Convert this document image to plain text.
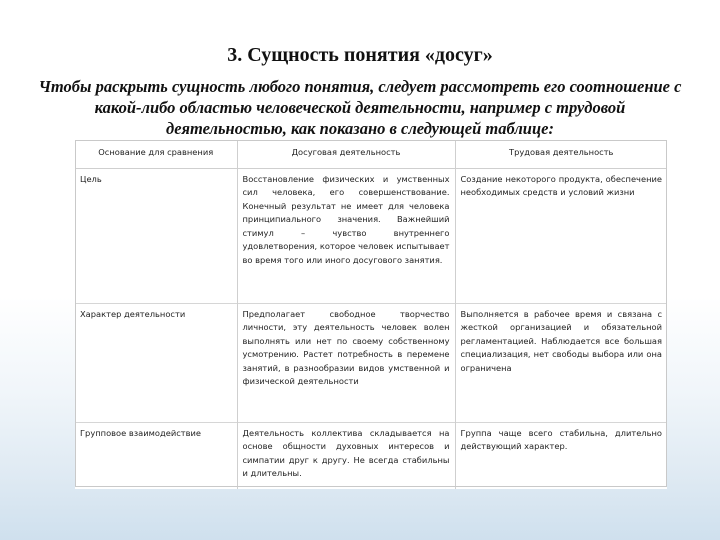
3. Сущность понятия «досуг»

Чтобы раскрыть сущность любого понятия, следует рассмотреть его соотношение с какой-либо областью человеческой деятельности, например с трудовой деятельностью, как показано в следующей таблице:

Основание для сравнения	Досуговая деятельность	Трудовая деятельность
Цель	Восстановление физических и умственных сил человека, его совершенствование. Конечный результат не имеет для человека принципиального значения. Важнейший стимул – чувство внутреннего удовлетворения, которое человек испытывает во время того или иного досугового занятия.	Создание некоторого продукта, обеспечение необходимых средств и условий жизни
Характер деятельности	Предполагает свободное творчество личности, эту деятельность человек волен выполнять или нет по своему собственному усмотрению. Растет потребность в перемене занятий, в разнообразии видов умственной и физической деятельности	Выполняется в рабочее время и связана с жесткой организацией и обязательной регламентацией. Наблюдается все большая специализация, нет свободы выбора или она ограничена
Групповое взаимодействие	Деятельность коллектива складывается на основе общности духовных интересов и симпатии друг к другу. Не всегда стабильны и длительны.	Группа чаще всего стабильна, длительно действующий характер.
